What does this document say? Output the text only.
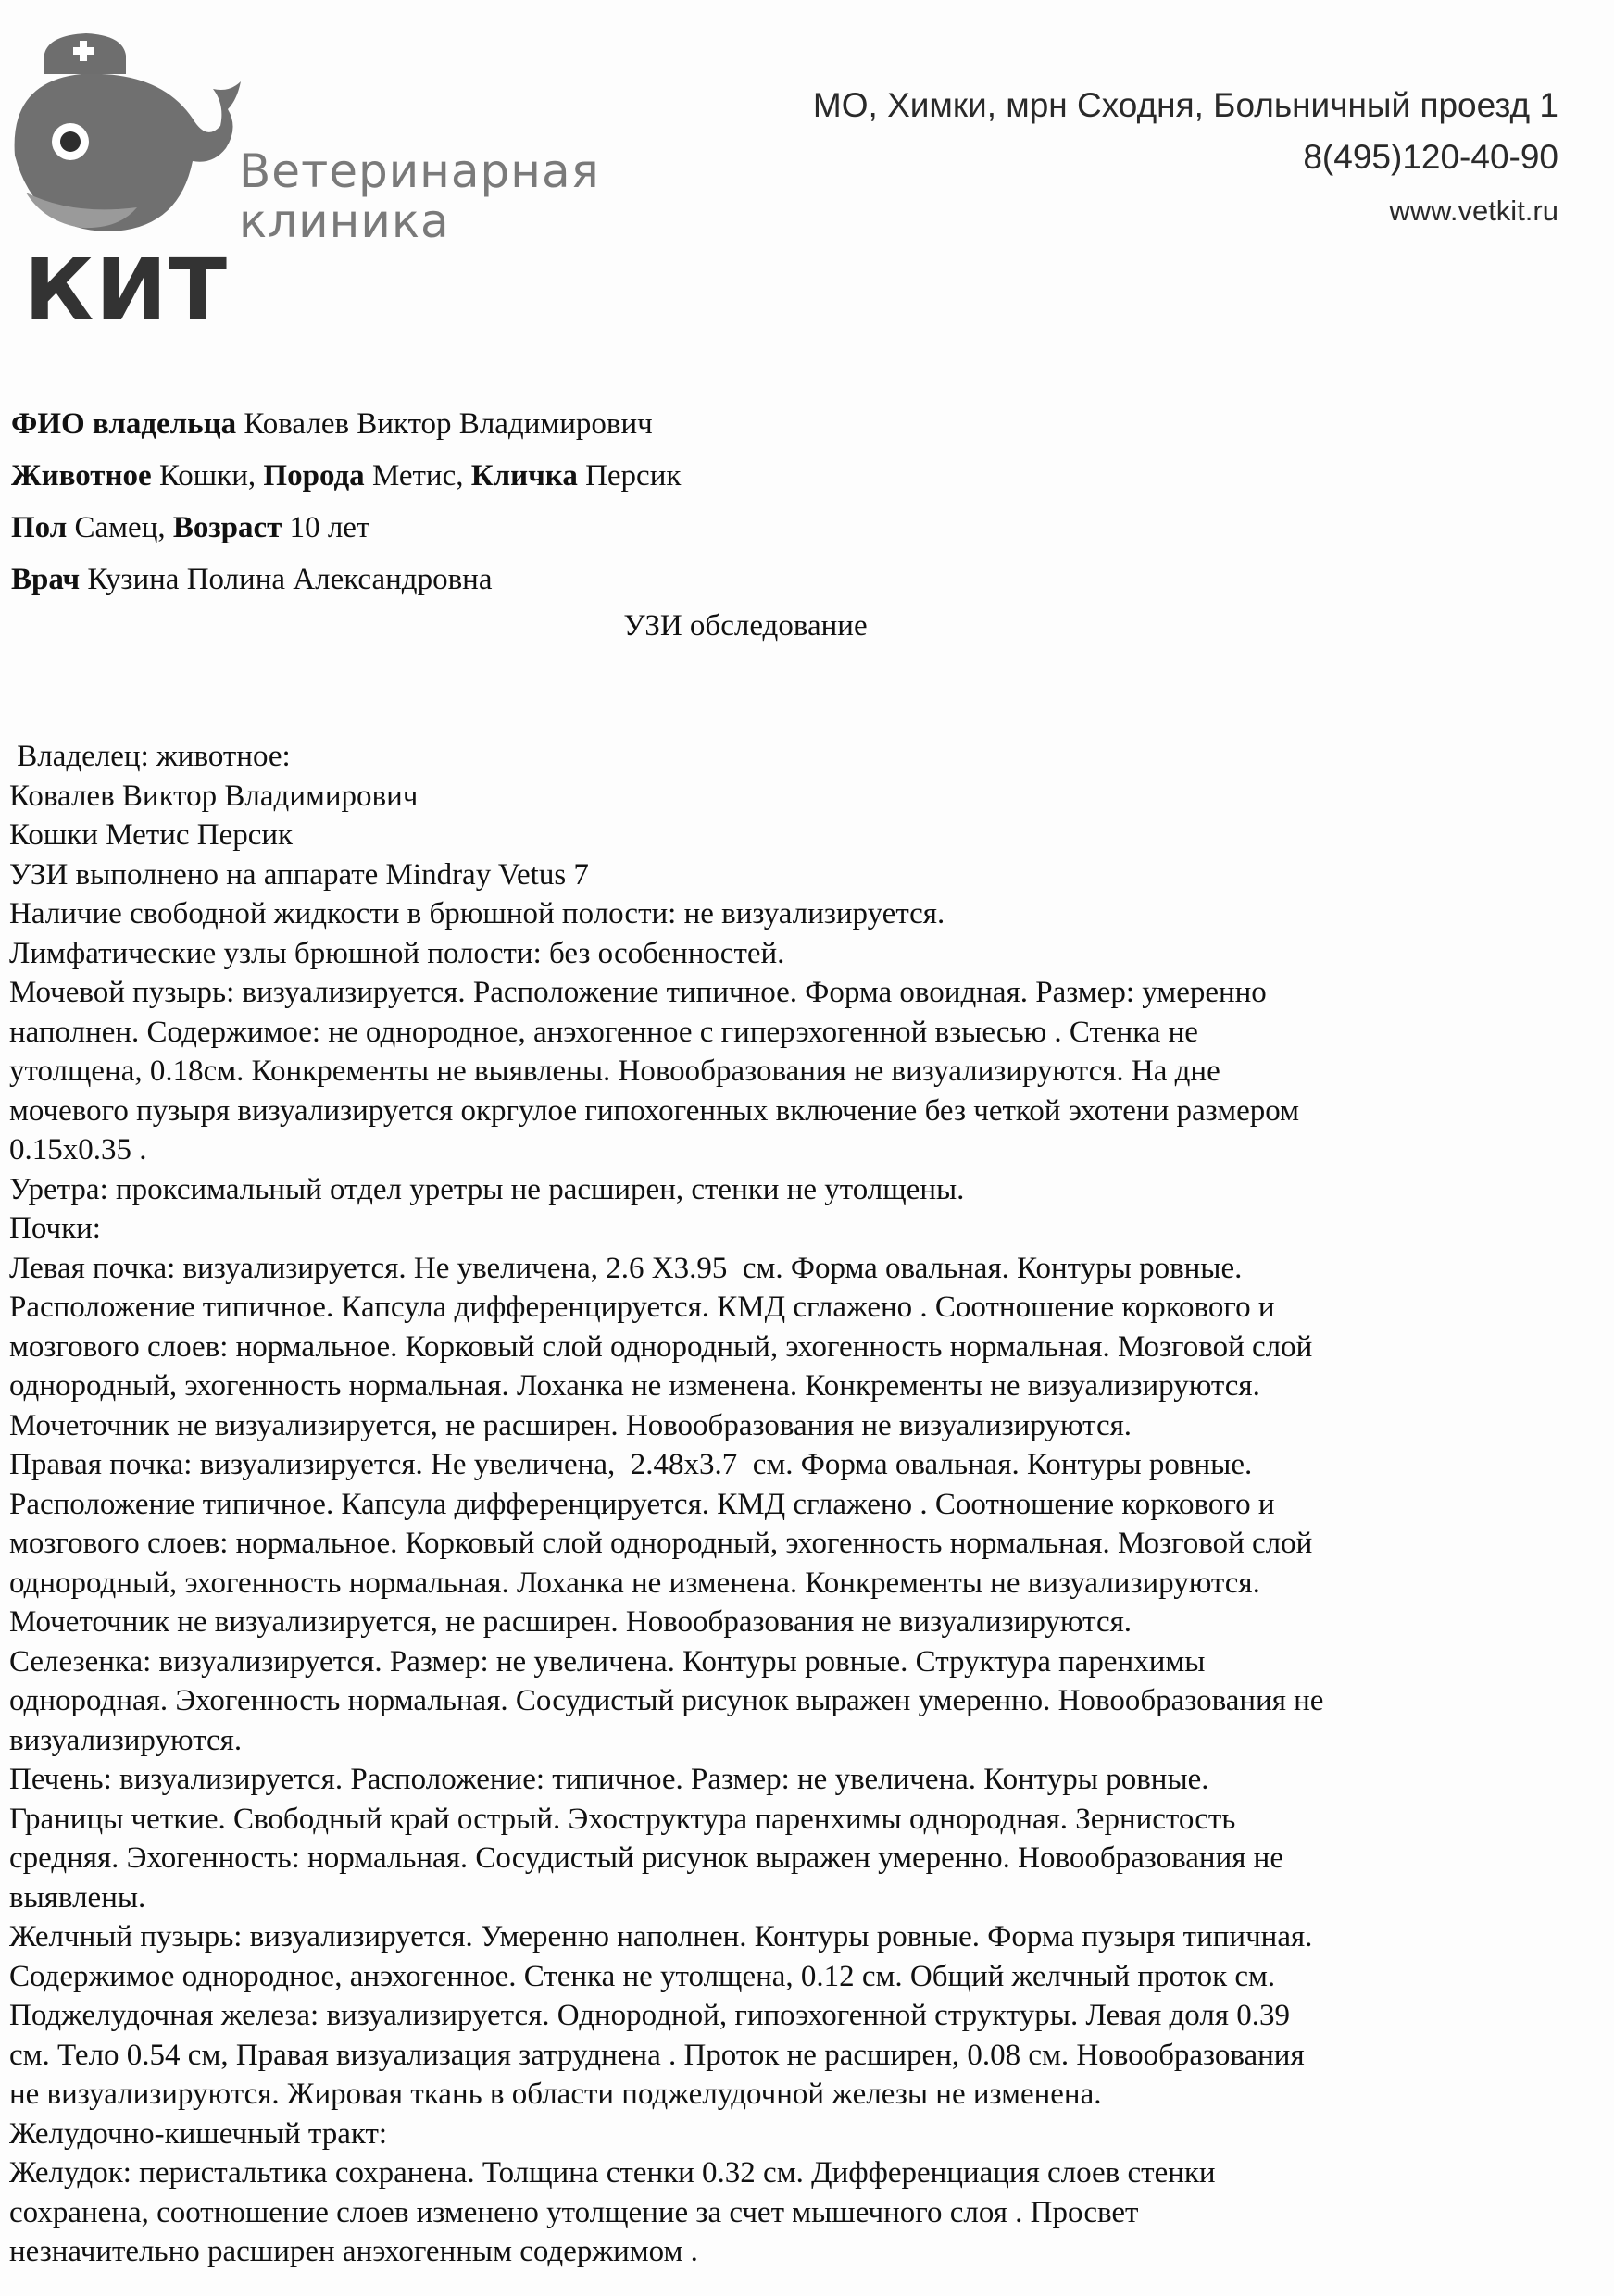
Ветеринарная
клиника
КИТ
МО, Химки, мрн Сходня, Больничный проезд 1
8(495)120-40-90
www.vetkit.ru
ФИО владельца Ковалев Виктор Владимирович
Животное Кошки, Порода Метис, Кличка Персик
Пол Самец, Возраст 10 лет
Врач Кузина Полина Александровна
УЗИ обследование
Владелец: животное:
Ковалев Виктор Владимирович
Кошки Метис Персик
УЗИ выполнено на аппарате Mindray Vetus 7
Наличие свободной жидкости в брюшной полости: не визуализируется.
Лимфатические узлы брюшной полости: без особенностей.
Мочевой пузырь: визуализируется. Расположение типичное. Форма овоидная. Размер: умеренно
наполнен. Содержимое: не однородное, анэхогенное с гиперэхогенной взыесью . Стенка не
утолщена, 0.18см. Конкременты не выявлены. Новообразования не визуализируются. На дне
мочевого пузыря визуализируется окргулое гипохогенных включение без четкой эхотени размером
0.15x0.35 .
Уретра: проксимальный отдел уретры не расширен, стенки не утолщены.
Почки:
Левая почка: визуализируется. Не увеличена, 2.6 Х3.95  см. Форма овальная. Контуры ровные.
Расположение типичное. Капсула дифференцируется. КМД сглажено . Соотношение коркового и
мозгового слоев: нормальное. Корковый слой однородный, эхогенность нормальная. Мозговой слой
однородный, эхогенность нормальная. Лоханка не изменена. Конкременты не визуализируются.
Мочеточник не визуализируется, не расширен. Новообразования не визуализируются.
Правая почка: визуализируется. Не увеличена,  2.48x3.7  см. Форма овальная. Контуры ровные.
Расположение типичное. Капсула дифференцируется. КМД сглажено . Соотношение коркового и
мозгового слоев: нормальное. Корковый слой однородный, эхогенность нормальная. Мозговой слой
однородный, эхогенность нормальная. Лоханка не изменена. Конкременты не визуализируются.
Мочеточник не визуализируется, не расширен. Новообразования не визуализируются.
Селезенка: визуализируется. Размер: не увеличена. Контуры ровные. Структура паренхимы
однородная. Эхогенность нормальная. Сосудистый рисунок выражен умеренно. Новообразования не
визуализируются.
Печень: визуализируется. Расположение: типичное. Размер: не увеличена. Контуры ровные.
Границы четкие. Свободный край острый. Эхоструктура паренхимы однородная. Зернистость
средняя. Эхогенность: нормальная. Сосудистый рисунок выражен умеренно. Новообразования не
выявлены.
Желчный пузырь: визуализируется. Умеренно наполнен. Контуры ровные. Форма пузыря типичная.
Содержимое однородное, анэхогенное. Стенка не утолщена, 0.12 см. Общий желчный проток см.
Поджелудочная железа: визуализируется. Однородной, гипоэхогенной структуры. Левая доля 0.39
см. Тело 0.54 см, Правая визуализация затруднена . Проток не расширен, 0.08 см. Новообразования
не визуализируются. Жировая ткань в области поджелудочной железы не изменена.
Желудочно-кишечный тракт:
Желудок: перистальтика сохранена. Толщина стенки 0.32 см. Дифференциация слоев стенки
сохранена, соотношение слоев изменено утолщение за счет мышечного слоя . Просвет
незначительно расширен анэхогенным содержимом .
